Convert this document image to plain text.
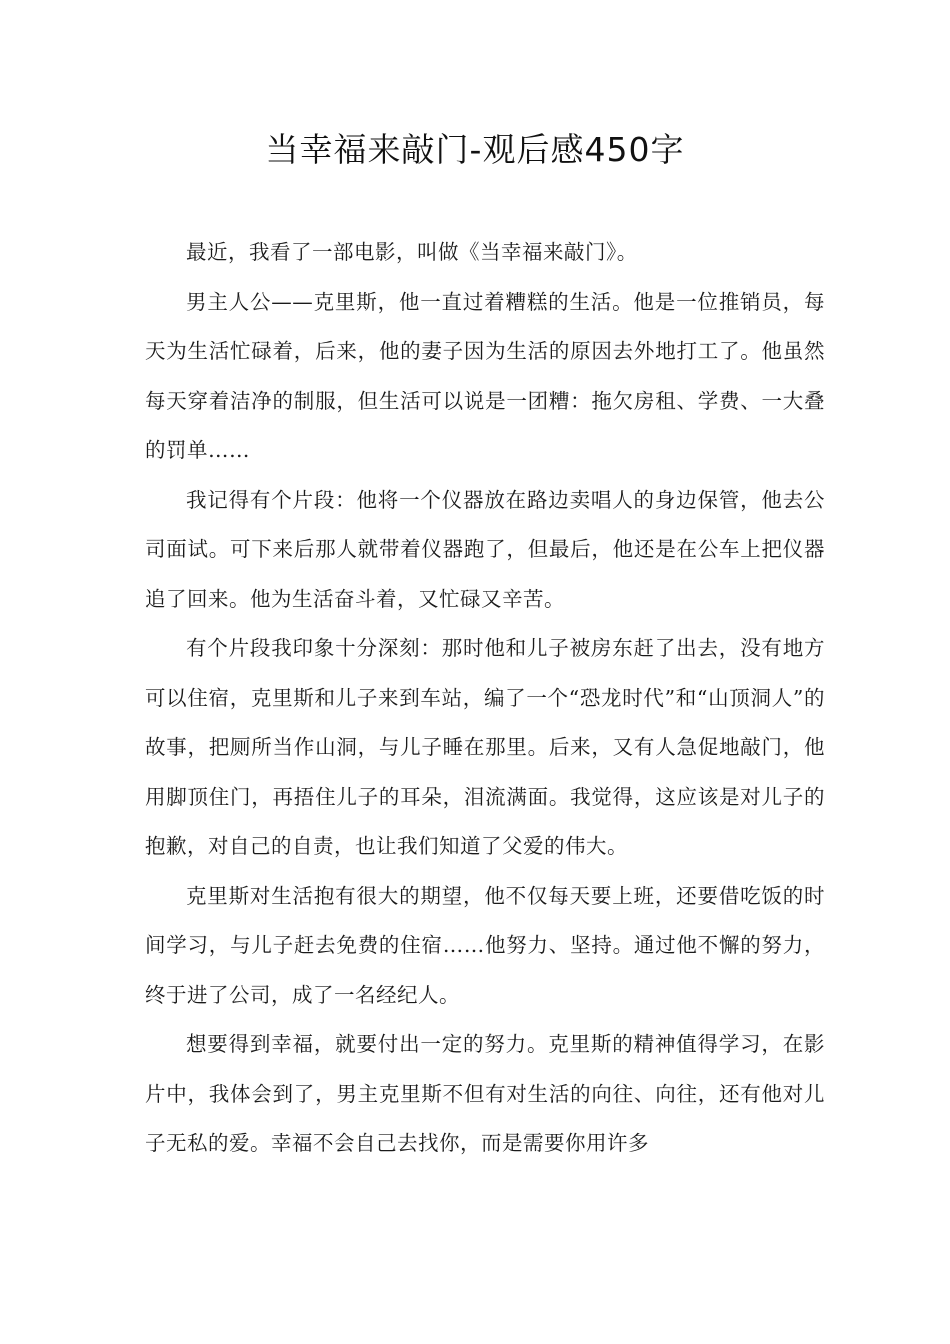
当幸福来敲门-观后感450字

最近，我看了一部电影，叫做《当幸福来敲门》。

男主人公——克里斯，他一直过着糟糕的生活。他是一位推销员，每天为生活忙碌着，后来，他的妻子因为生活的原因去外地打工了。他虽然每天穿着洁净的制服，但生活可以说是一团糟：拖欠房租、学费、一大叠的罚单……

我记得有个片段：他将一个仪器放在路边卖唱人的身边保管，他去公司面试。可下来后那人就带着仪器跑了，但最后，他还是在公车上把仪器追了回来。他为生活奋斗着，又忙碌又辛苦。

有个片段我印象十分深刻：那时他和儿子被房东赶了出去，没有地方可以住宿，克里斯和儿子来到车站，编了一个“恐龙时代”和“山顶洞人”的故事，把厕所当作山洞，与儿子睡在那里。后来，又有人急促地敲门，他用脚顶住门，再捂住儿子的耳朵，泪流满面。我觉得，这应该是对儿子的抱歉，对自己的自责，也让我们知道了父爱的伟大。

克里斯对生活抱有很大的期望，他不仅每天要上班，还要借吃饭的时间学习，与儿子赶去免费的住宿……他努力、坚持。通过他不懈的努力，终于进了公司，成了一名经纪人。

想要得到幸福，就要付出一定的努力。克里斯的精神值得学习，在影片中，我体会到了，男主克里斯不但有对生活的向往、向往，还有他对儿子无私的爱。幸福不会自己去找你，而是需要你用许多
